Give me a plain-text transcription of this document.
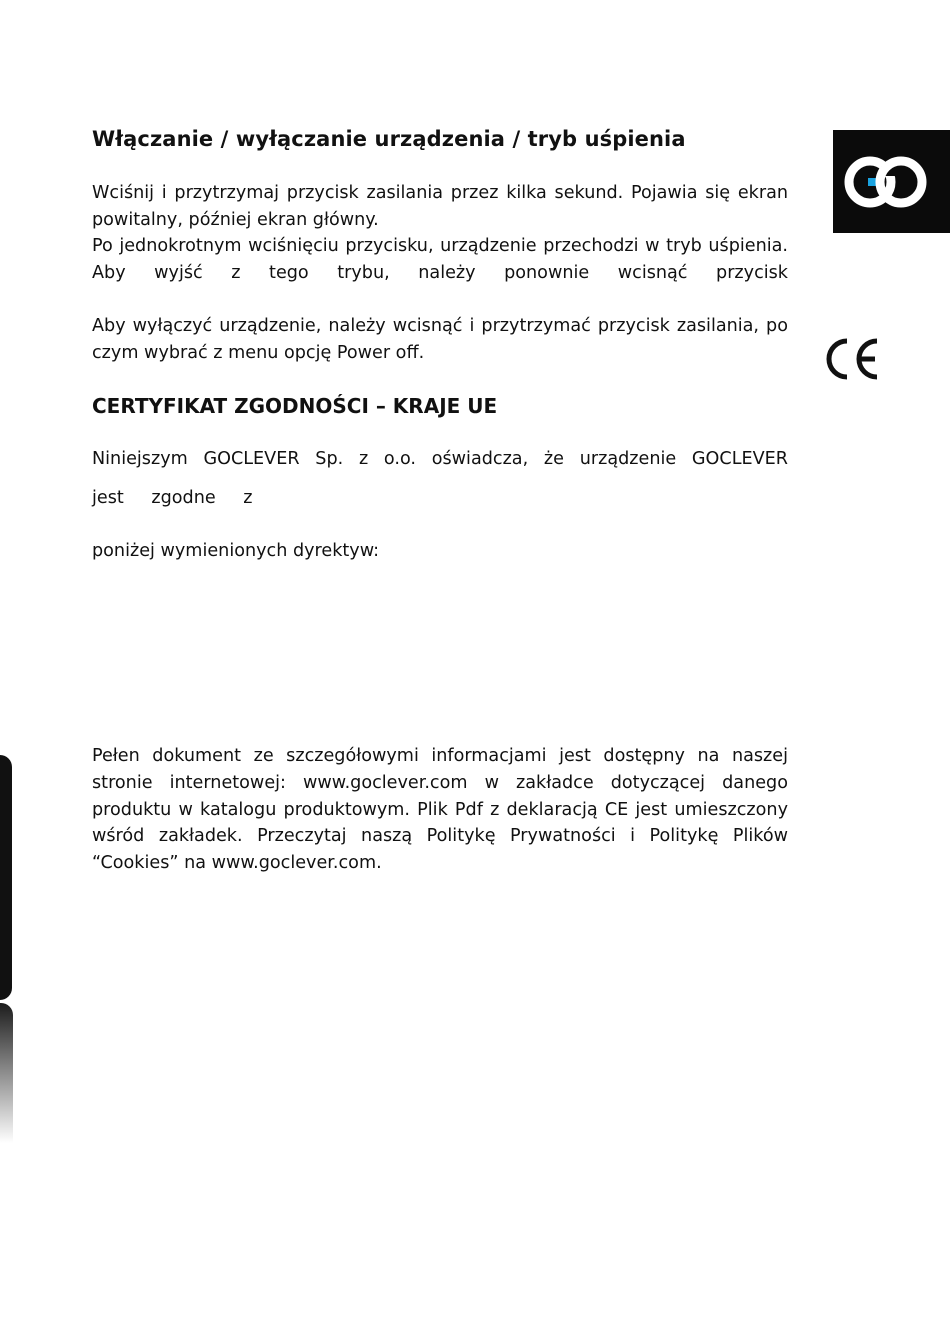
Włączanie / wyłączanie urządzenia / tryb uśpienia

Wciśnij i przytrzymaj przycisk zasilania przez kilka sekund. Pojawia się ekran powitalny, później ekran główny.

Po jednokrotnym wciśnięciu przycisku, urządzenie przechodzi w tryb uśpienia. Aby wyjść z tego trybu, należy ponownie wcisnąć przycisk

Aby wyłączyć urządzenie, należy wcisnąć i przytrzymać przycisk zasilania, po czym wybrać z menu opcję Power off.

CERTYFIKAT ZGODNOŚCI – KRAJE UE

Niniejszym GOCLEVER Sp. z o.o. oświadcza, że urządzenie GOCLEVER

jest zgodne z

poniżej wymienionych dyrektyw:

Pełen dokument ze szczegółowymi informacjami jest dostępny na naszej stronie internetowej: www.goclever.com w zakładce dotyczącej danego produktu w katalogu produktowym. Plik Pdf z deklaracją CE jest umieszczony wśród zakładek. Przeczytaj naszą Politykę Prywatności i Politykę Plików “Cookies” na www.goclever.com.
